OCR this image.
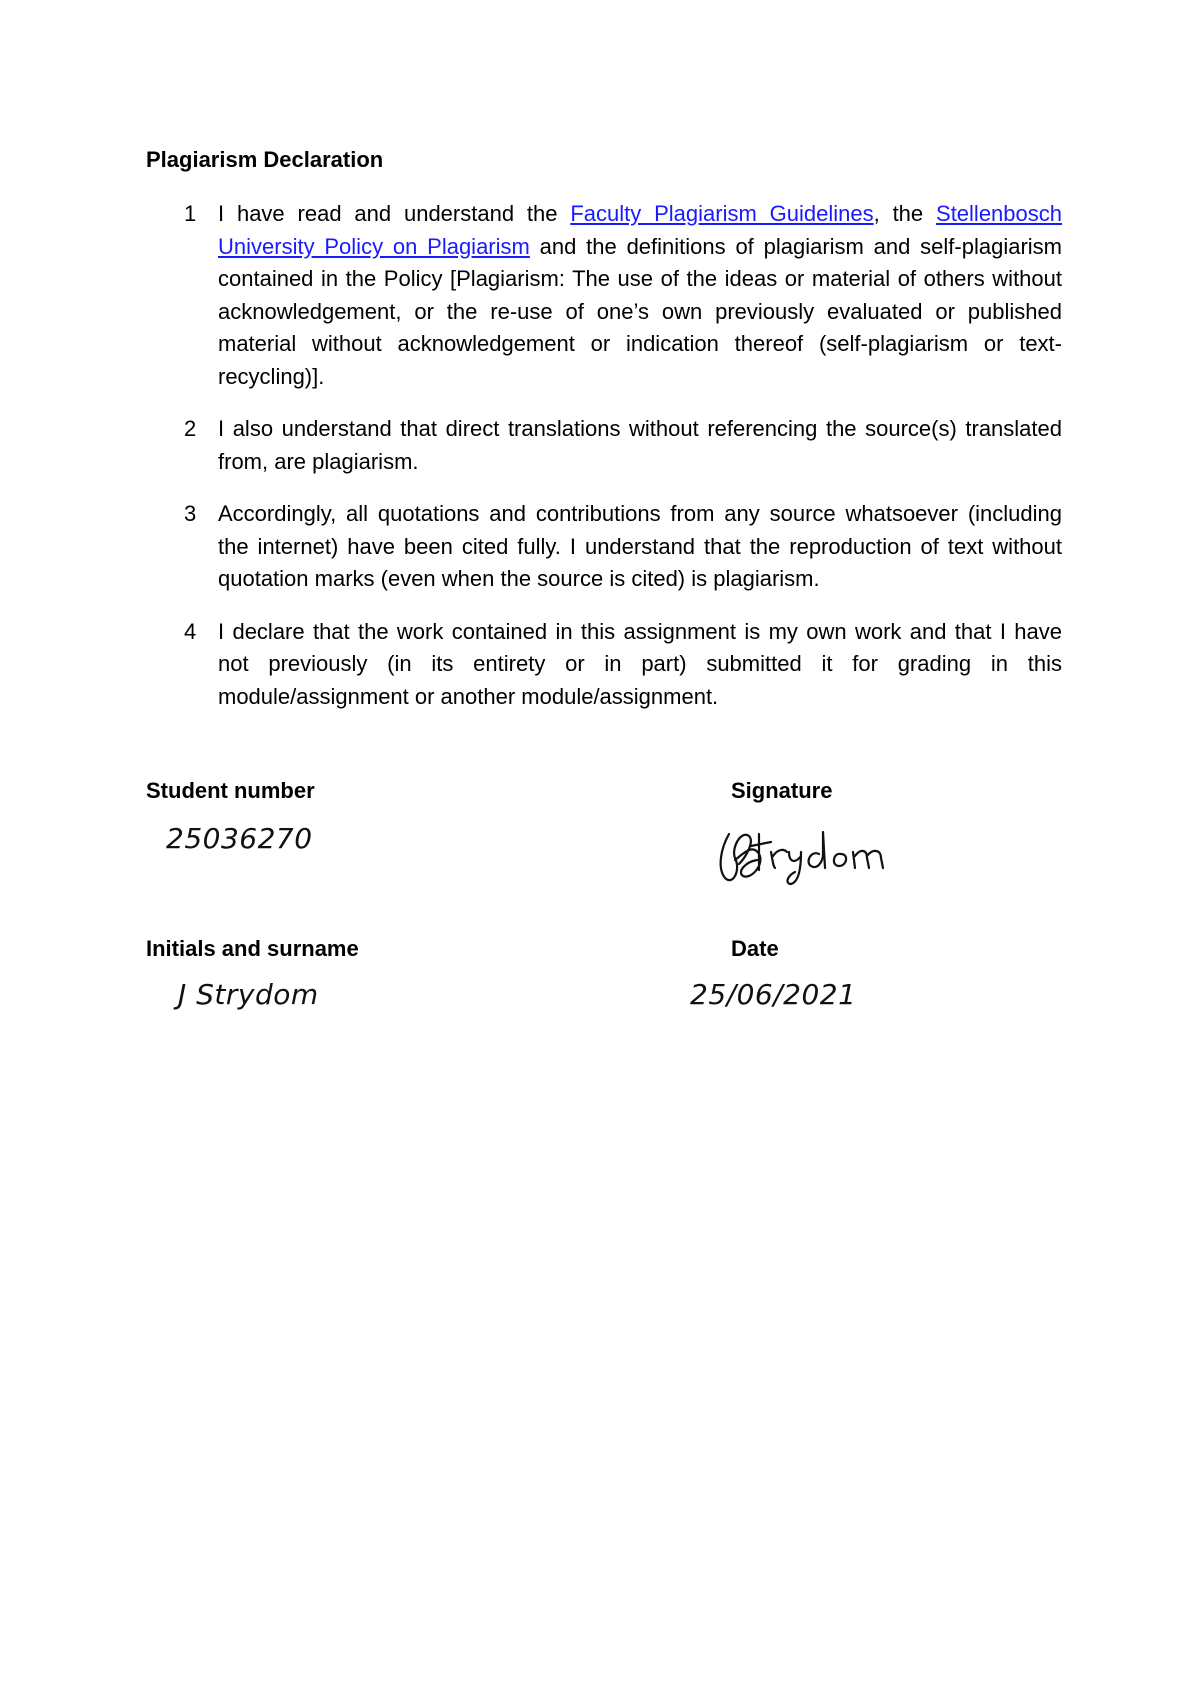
Plagiarism Declaration
1 I have read and understand the Faculty Plagiarism Guidelines, the Stellenbosch University Policy on Plagiarism and the definitions of plagiarism and self-plagiarism contained in the Policy [Plagiarism: The use of the ideas or material of others without acknowledgement, or the re-use of one’s own previously evaluated or published material without acknowledgement or indication thereof (self-plagiarism or text-recycling)].
2 I also understand that direct translations without referencing the source(s) translated from, are plagiarism.
3 Accordingly, all quotations and contributions from any source whatsoever (including the internet) have been cited fully. I understand that the reproduction of text without quotation marks (even when the source is cited) is plagiarism.
4 I declare that the work contained in this assignment is my own work and that I have not previously (in its entirety or in part) submitted it for grading in this module/assignment or another module/assignment.
Student number
25036270
Signature
Initials and surname
J Strydom
Date
25/06/2021
